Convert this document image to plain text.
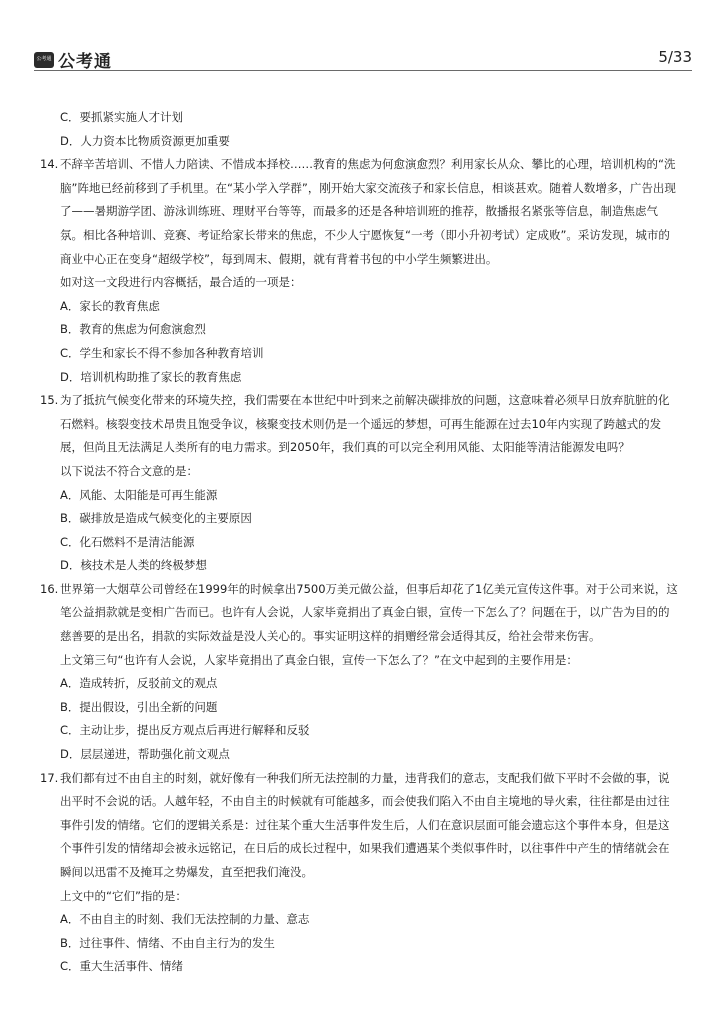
公考通 公考通	5/33
C．要抓紧实施人才计划
D．人力资本比物质资源更加重要
14. 不辞辛苦培训、不惜人力陪读、不惜成本择校……教育的焦虑为何愈演愈烈？利用家长从众、攀比的心理，培训机构的“洗
脑”阵地已经前移到了手机里。在“某小学入学群”，刚开始大家交流孩子和家长信息，相谈甚欢。随着人数增多，广告出现
了——暑期游学团、游泳训练班、理财平台等等，而最多的还是各种培训班的推荐，散播报名紧张等信息，制造焦虑气
氛。相比各种培训、竞赛、考证给家长带来的焦虑，不少人宁愿恢复“一考（即小升初考试）定成败”。采访发现，城市的
商业中心正在变身“超级学校”，每到周末、假期，就有背着书包的中小学生频繁进出。
如对这一文段进行内容概括，最合适的一项是：
A．家长的教育焦虑
B．教育的焦虑为何愈演愈烈
C．学生和家长不得不参加各种教育培训
D．培训机构助推了家长的教育焦虑
15. 为了抵抗气候变化带来的环境失控，我们需要在本世纪中叶到来之前解决碳排放的问题，这意味着必须早日放弃肮脏的化
石燃料。核裂变技术昂贵且饱受争议，核聚变技术则仍是一个遥远的梦想，可再生能源在过去10年内实现了跨越式的发
展，但尚且无法满足人类所有的电力需求。到2050年，我们真的可以完全利用风能、太阳能等清洁能源发电吗？
以下说法不符合文意的是：
A．风能、太阳能是可再生能源
B．碳排放是造成气候变化的主要原因
C．化石燃料不是清洁能源
D．核技术是人类的终极梦想
16. 世界第一大烟草公司曾经在1999年的时候拿出7500万美元做公益，但事后却花了1亿美元宣传这件事。对于公司来说，这
笔公益捐款就是变相广告而已。也许有人会说，人家毕竟捐出了真金白银，宣传一下怎么了？问题在于，以广告为目的的
慈善要的是出名，捐款的实际效益是没人关心的。事实证明这样的捐赠经常会适得其反，给社会带来伤害。
上文第三句“也许有人会说，人家毕竟捐出了真金白银，宣传一下怎么了？”在文中起到的主要作用是：
A．造成转折，反驳前文的观点
B．提出假设，引出全新的问题
C．主动让步，提出反方观点后再进行解释和反驳
D．层层递进，帮助强化前文观点
17. 我们都有过不由自主的时刻，就好像有一种我们所无法控制的力量，违背我们的意志，支配我们做下平时不会做的事，说
出平时不会说的话。人越年轻，不由自主的时候就有可能越多，而会使我们陷入不由自主境地的导火索，往往都是由过往
事件引发的情绪。它们的逻辑关系是：过往某个重大生活事件发生后，人们在意识层面可能会遗忘这个事件本身，但是这
个事件引发的情绪却会被永远铭记，在日后的成长过程中，如果我们遭遇某个类似事件时，以往事件中产生的情绪就会在
瞬间以迅雷不及掩耳之势爆发，直至把我们淹没。
上文中的“它们”指的是：
A．不由自主的时刻、我们无法控制的力量、意志
B．过往事件、情绪、不由自主行为的发生
C．重大生活事件、情绪
